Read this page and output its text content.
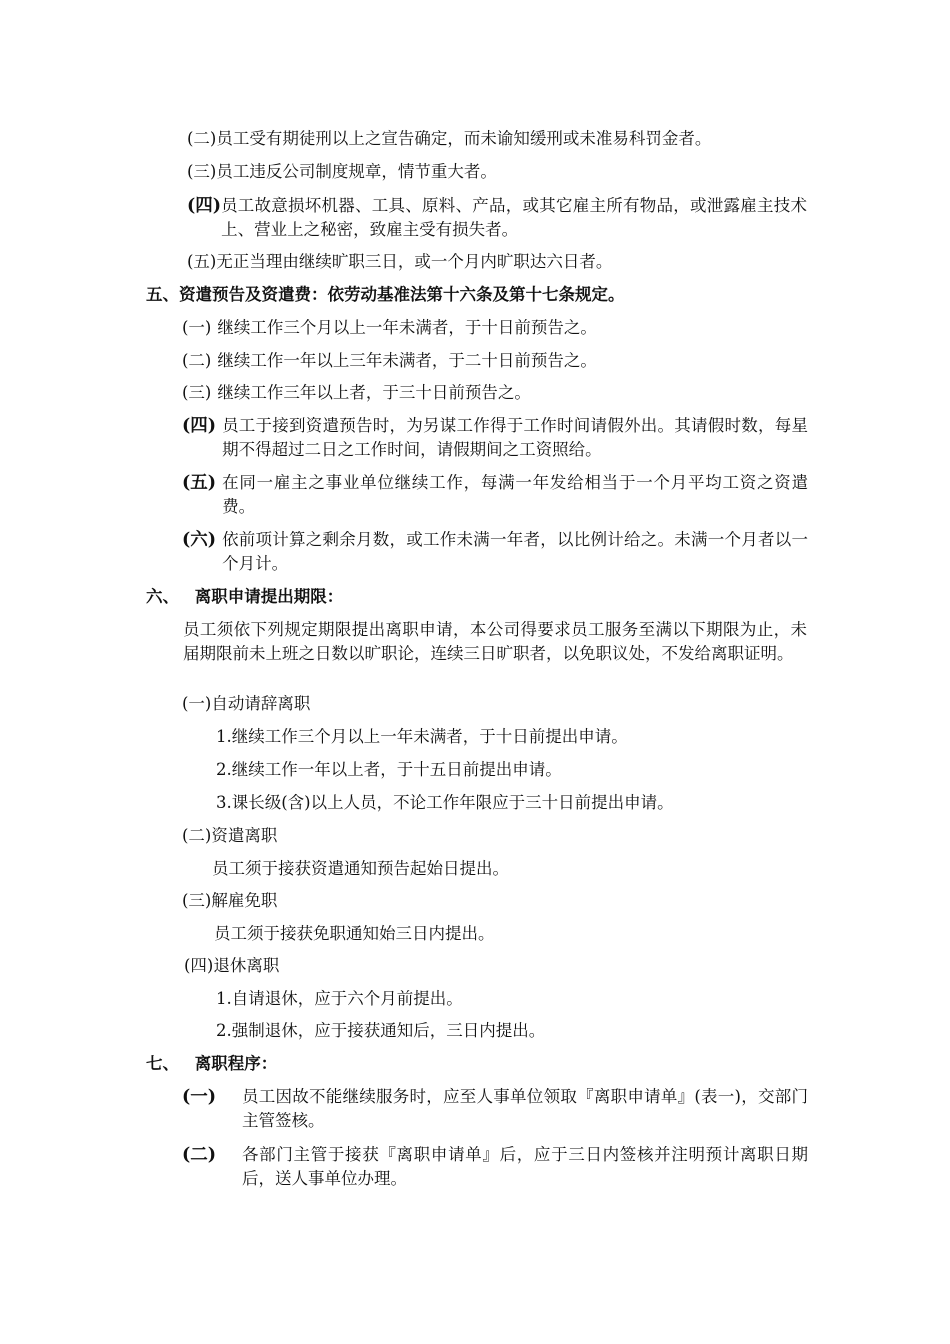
(二) 员工受有期徒刑以上之宣告确定，而未谕知缓刑或未准易科罚金者。
(三) 员工违反公司制度规章，情节重大者。
(四) 员工故意损坏机器、工具、原料、产品，或其它雇主所有物品，或泄露雇主技术上、营业上之秘密，致雇主受有损失者。
(五) 无正当理由继续旷职三日，或一个月内旷职达六日者。
五、资遣预告及资遣费：依劳动基准法第十六条及第十七条规定。
(一) 继续工作三个月以上一年未满者，于十日前预告之。
(二) 继续工作一年以上三年未满者，于二十日前预告之。
(三) 继续工作三年以上者，于三十日前预告之。
(四) 员工于接到资遣预告时，为另谋工作得于工作时间请假外出。其请假时数，每星期不得超过二日之工作时间，请假期间之工资照给。
(五) 在同一雇主之事业单位继续工作，每满一年发给相当于一个月平均工资之资遣费。
(六) 依前项计算之剩余月数，或工作未满一年者，以比例计给之。未满一个月者以一个月计。
六、 离职申请提出期限：
员工须依下列规定期限提出离职申请，本公司得要求员工服务至满以下期限为止，未届期限前未上班之日数以旷职论，连续三日旷职者，以免职议处，不发给离职证明。
(一)自动请辞离职
1.继续工作三个月以上一年未满者，于十日前提出申请。
2.继续工作一年以上者，于十五日前提出申请。
3.课长级(含)以上人员，不论工作年限应于三十日前提出申请。
(二)资遣离职
员工须于接获资遣通知预告起始日提出。
(三)解雇免职
员工须于接获免职通知始三日内提出。
(四)退休离职
1.自请退休，应于六个月前提出。
2.强制退休，应于接获通知后，三日内提出。
七、 离职程序：
(一)	员工因故不能继续服务时，应至人事单位领取『离职申请单』(表一)，交部门主管签核。
(二)	各部门主管于接获『离职申请单』后，应于三日内签核并注明预计离职日期后，送人事单位办理。
